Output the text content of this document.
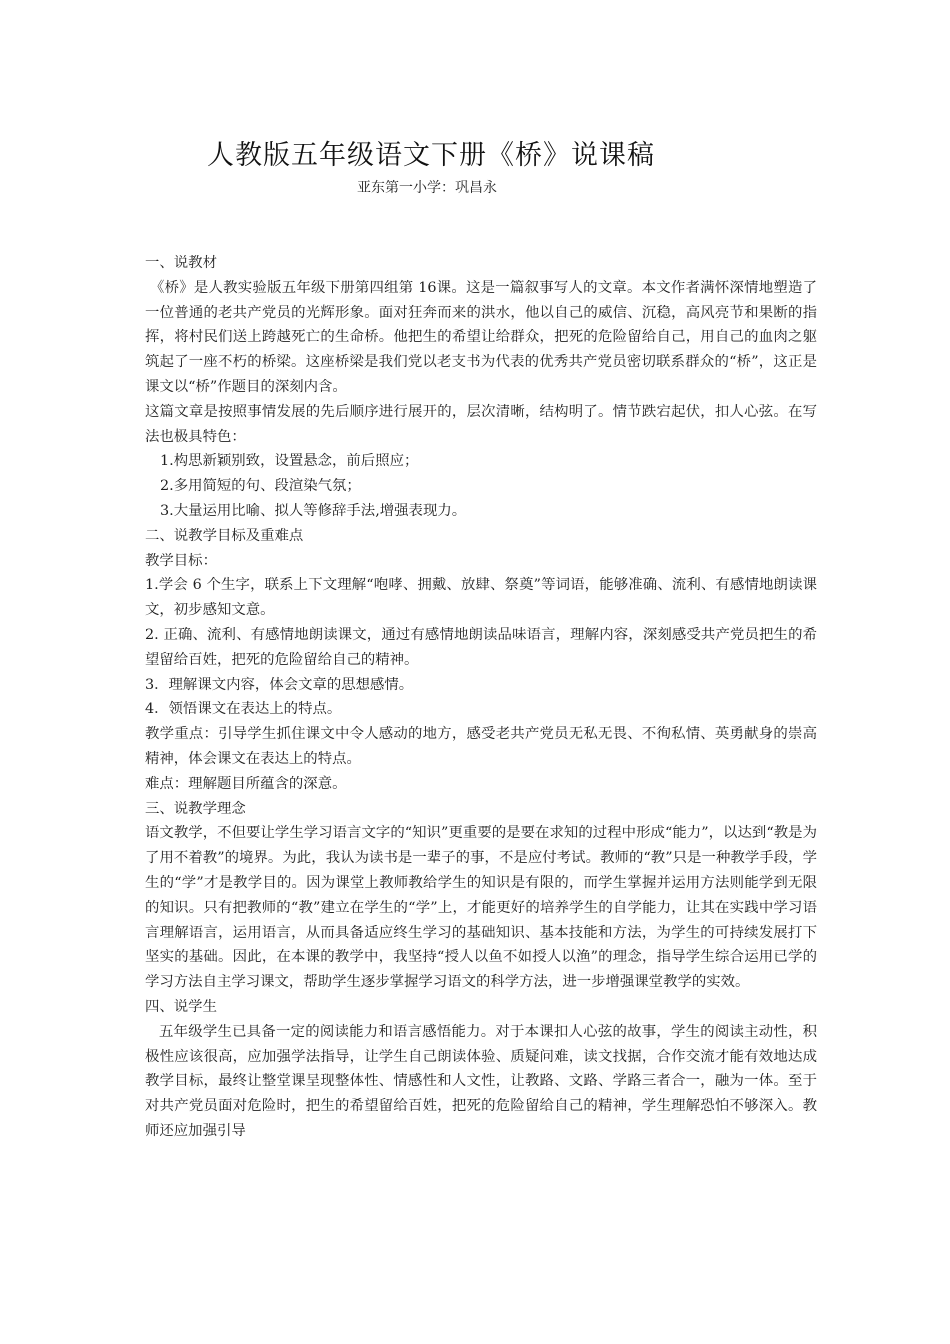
人教版五年级语文下册《桥》说课稿
亚东第一小学：巩昌永

一、说教材

《桥》是人教实验版五年级下册第四组第 16课。这是一篇叙事写人的文章。本文作者满怀深情地塑造了一位普通的老共产党员的光辉形象。面对狂奔而来的洪水，他以自己的威信、沉稳，高风亮节和果断的指挥，将村民们送上跨越死亡的生命桥。他把生的希望让给群众，把死的危险留给自己，用自己的血肉之躯筑起了一座不朽的桥梁。这座桥梁是我们党以老支书为代表的优秀共产党员密切联系群众的“桥”，这正是课文以“桥”作题目的深刻内含。

这篇文章是按照事情发展的先后顺序进行展开的，层次清晰，结构明了。情节跌宕起伏，扣人心弦。在写法也极具特色：

1.构思新颖别致，设置悬念，前后照应；

2.多用简短的句、段渲染气氛；

3.大量运用比喻、拟人等修辞手法,增强表现力。

二、说教学目标及重难点

教学目标：

1.学会 6 个生字，联系上下文理解“咆哮、拥戴、放肆、祭奠”等词语，能够准确、流利、有感情地朗读课文，初步感知文意。

2. 正确、流利、有感情地朗读课文，通过有感情地朗读品味语言，理解内容，深刻感受共产党员把生的希望留给百姓，把死的危险留给自己的精神。

3．理解课文内容，体会文章的思想感情。

4．领悟课文在表达上的特点。

教学重点：引导学生抓住课文中令人感动的地方，感受老共产党员无私无畏、不徇私情、英勇献身的崇高精神，体会课文在表达上的特点。

难点：理解题目所蕴含的深意。

三、说教学理念

语文教学，不但要让学生学习语言文字的“知识”更重要的是要在求知的过程中形成“能力”，以达到“教是为了用不着教”的境界。为此，我认为读书是一辈子的事，不是应付考试。教师的“教”只是一种教学手段，学生的“学”才是教学目的。因为课堂上教师教给学生的知识是有限的，而学生掌握并运用方法则能学到无限的知识。只有把教师的“教”建立在学生的“学”上，才能更好的培养学生的自学能力，让其在实践中学习语言理解语言，运用语言，从而具备适应终生学习的基础知识、基本技能和方法，为学生的可持续发展打下坚实的基础。因此，在本课的教学中，我坚持“授人以鱼不如授人以渔”的理念，指导学生综合运用已学的学习方法自主学习课文，帮助学生逐步掌握学习语文的科学方法，进一步增强课堂教学的实效。

四、说学生

五年级学生已具备一定的阅读能力和语言感悟能力。对于本课扣人心弦的故事，学生的阅读主动性，积极性应该很高，应加强学法指导，让学生自己朗读体验、质疑问难，读文找据，合作交流才能有效地达成教学目标，最终让整堂课呈现整体性、情感性和人文性，让教路、文路、学路三者合一，融为一体。至于对共产党员面对危险时，把生的希望留给百姓，把死的危险留给自己的精神，学生理解恐怕不够深入。教师还应加强引导
